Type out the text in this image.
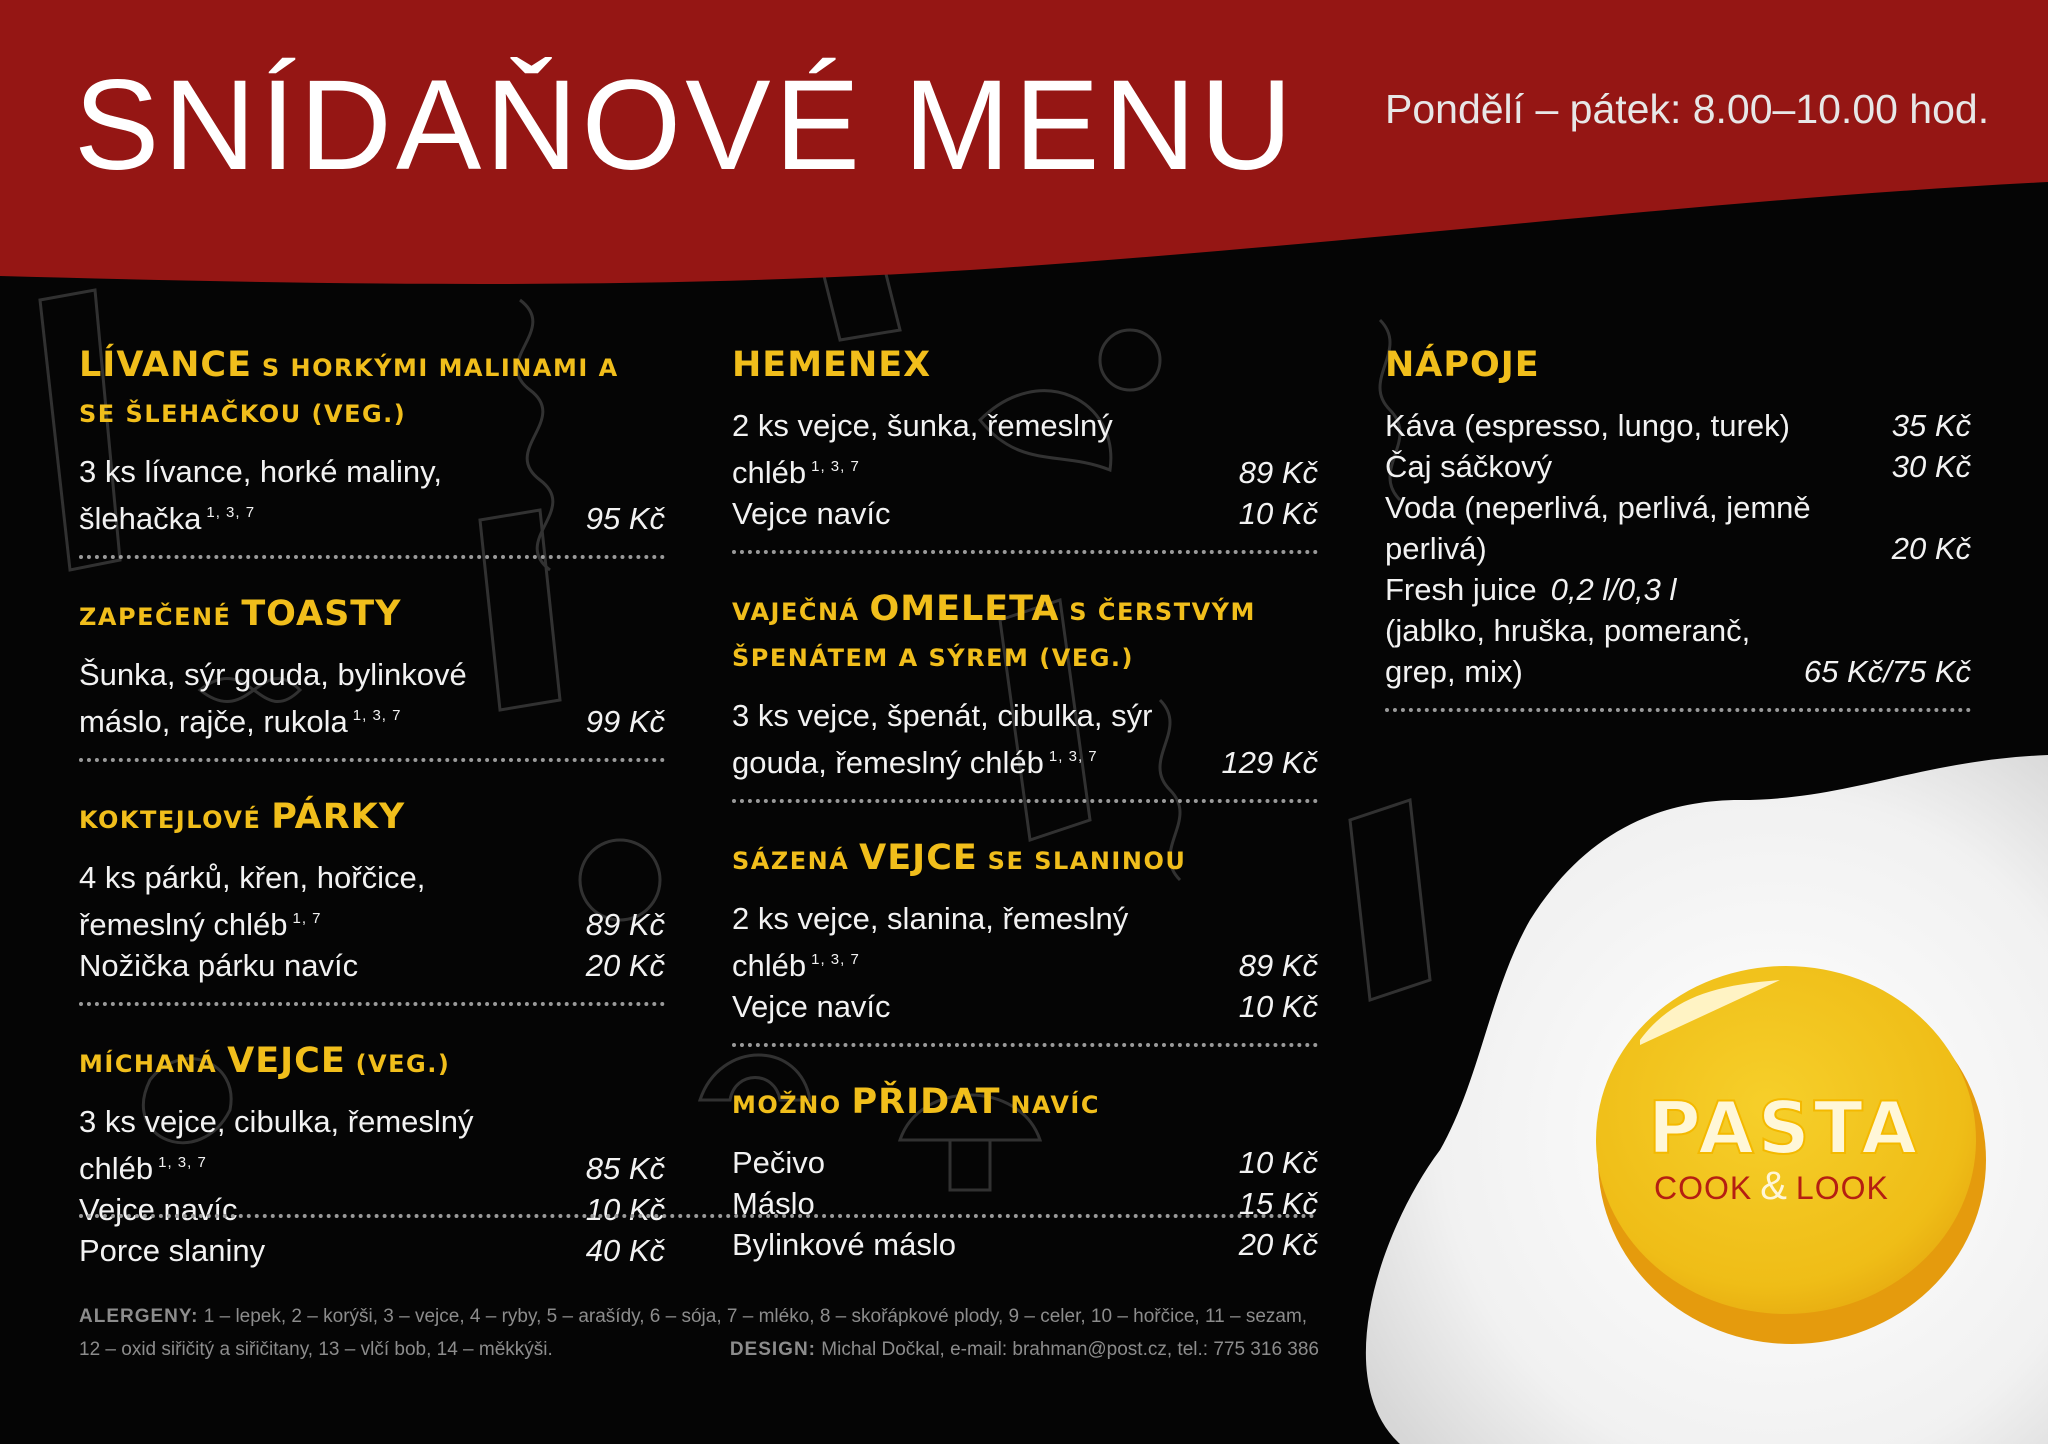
SNÍDAŇOVÉ MENU Pondělí – pátek: 8.00–10.00 hod.

LÍVANCE S HORKÝMI MALINAMI A SE ŠLEHAČKOU (VEG.)
3 ks lívance, horké maliny, šlehačka $^{1, 3, 7}$	95 Kč
ZAPEČENÉ TOASTY
Šunka, sýr gouda, bylinkové máslo, rajče, rukola $^{1, 3, 7}$	99 Kč
KOKTEJLOVÉ PÁRKY
4 ks párků, křen, hořčice, řemeslný chléb $^{1, 7}$	89 Kč
Nožička párku navíc	20 Kč
MÍCHANÁ VEJCE (VEG.)
3 ks vejce, cibulka, řemeslný chléb $^{1, 3, 7}$	85 Kč
Vejce navíc	10 Kč
Porce slaniny	40 Kč
HEMENEX
2 ks vejce, šunka, řemeslný chléb $^{1, 3, 7}$	89 Kč
Vejce navíc	10 Kč
VAJEČNÁ OMELETA S ČERSTVÝM ŠPENÁTEM A SÝREM (VEG.)
3 ks vejce, špenát, cibulka, sýr gouda, řemeslný chléb $^{1, 3, 7}$	129 Kč
SÁZENÁ VEJCE SE SLANINOU
2 ks vejce, slanina, řemeslný chléb $^{1, 3, 7}$	89 Kč
Vejce navíc	10 Kč
MOŽNO PŘIDAT NAVÍC
Pečivo	10 Kč
Máslo	15 Kč
Bylinkové máslo	20 Kč
NÁPOJE
Káva (espresso, lungo, turek)	35 Kč
Čaj sáčkový	30 Kč
Voda (neperlivá, perlivá, jemně perlivá)	20 Kč
Fresh juice 0,2 l/0,3 l
(jablko, hruška, pomeranč, grep, mix)	65 Kč/75 Kč
ALERGENY: 1 – lepek, 2 – korýši, 3 – vejce, 4 – ryby, 5 – arašídy, 6 – sója, 7 – mléko, 8 – skořápkové plody, 9 – celer, 10 – hořčice, 11 – sezam,
12 – oxid siřičitý a siřičitany, 13 – vlčí bob, 14 – měkkýši.	DESIGN: Michal Dočkal, e-mail: brahman@post.cz, tel.: 775 316 386
PASTA
COOK & LOOK
